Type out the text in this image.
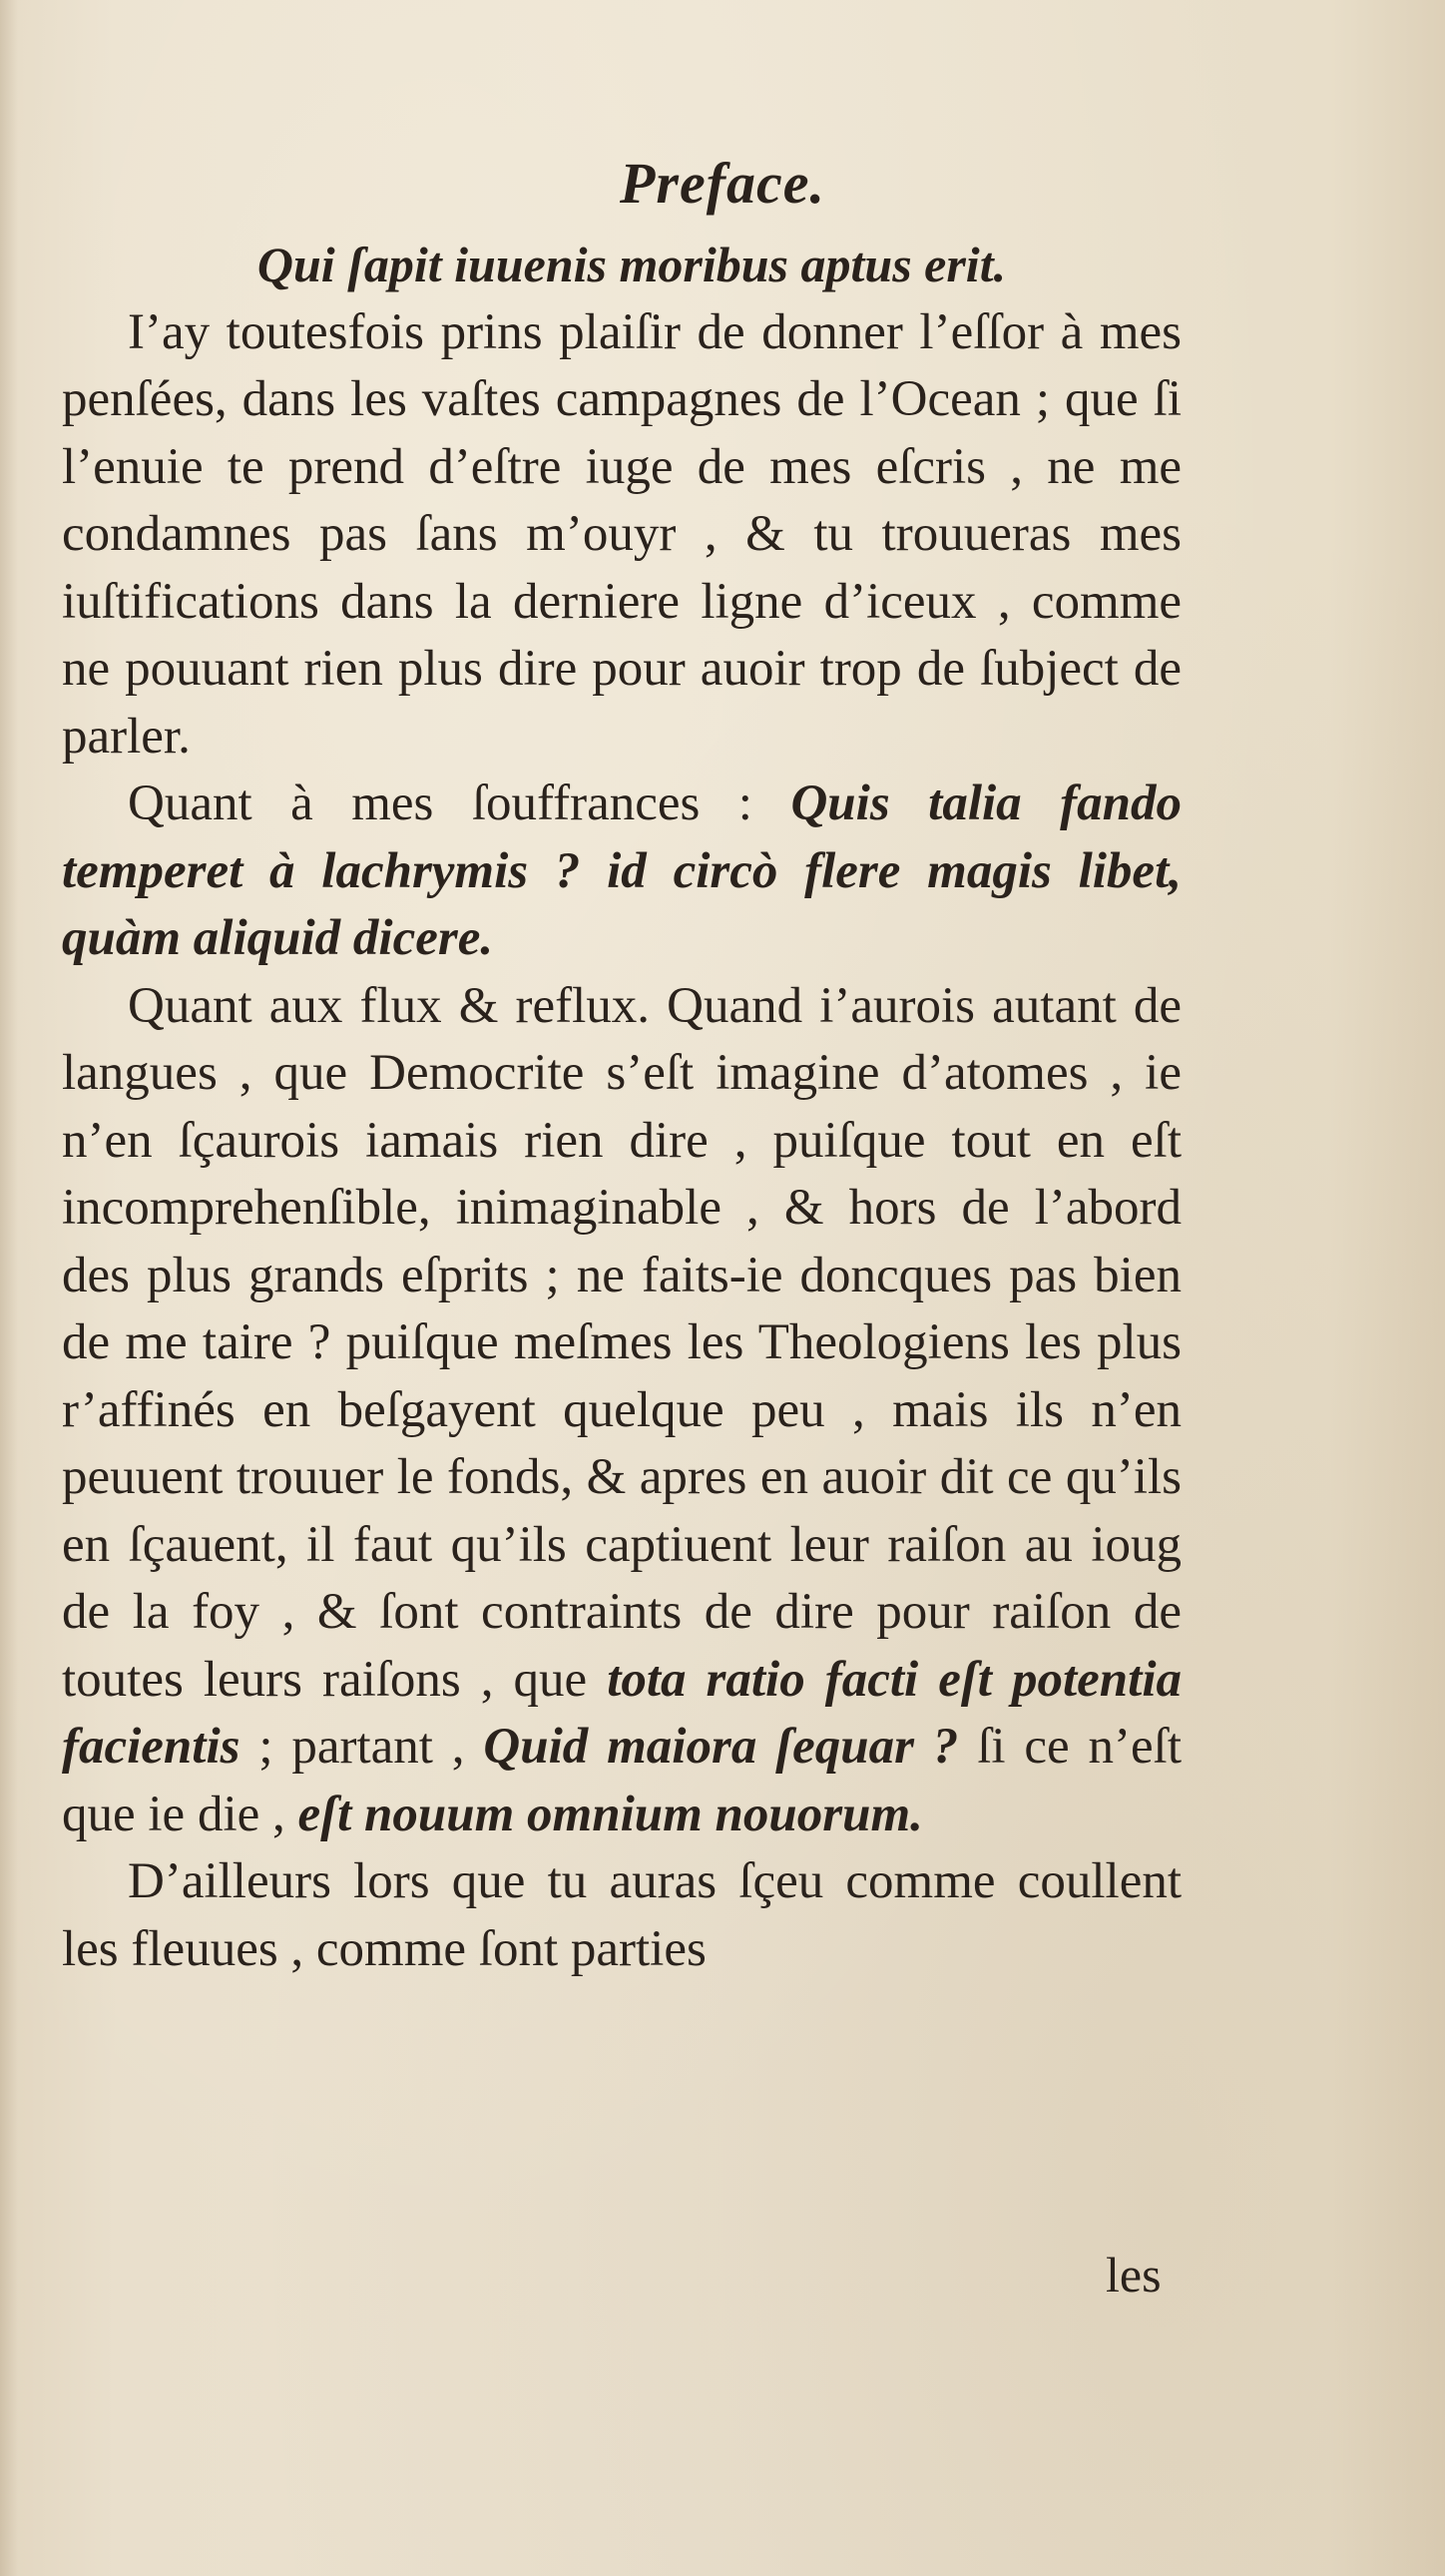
Preface.

Qui ſapit iuuenis moribus aptus erit.

I’ay toutesfois prins plaiſir de donner l’eſſor à mes penſées, dans les vaſtes campagnes de l’Ocean ; que ſi l’enuie te prend d’eſtre iuge de mes eſcris , ne me condamnes pas ſans m’ouyr , & tu trouueras mes iuſtifications dans la derniere ligne d’iceux , comme ne pouuant rien plus dire pour auoir trop de ſubject de parler.

Quant à mes ſouffrances : Quis talia fando temperet à lachrymis ? id circò flere magis libet, quàm aliquid dicere.

Quant aux flux & reflux. Quand i’aurois autant de langues , que Democrite s’eſt imagine d’atomes , ie n’en ſçaurois iamais rien dire , puiſque tout en eſt incomprehenſible, inimaginable , & hors de l’abord des plus grands eſprits ; ne faits-ie doncques pas bien de me taire ? puiſque meſmes les Theologiens les plus r’affinés en beſgayent quelque peu , mais ils n’en peuuent trouuer le fonds, & apres en auoir dit ce qu’ils en ſçauent, il faut qu’ils captiuent leur raiſon au ioug de la foy , & ſont contraints de dire pour raiſon de toutes leurs raiſons , que tota ratio facti eſt potentia facientis ; partant , Quid maiora ſequar ? ſi ce n’eſt que ie die , eſt nouum omnium nouorum.

D’ailleurs lors que tu auras ſçeu comme coullent les fleuues , comme ſont parties

les
